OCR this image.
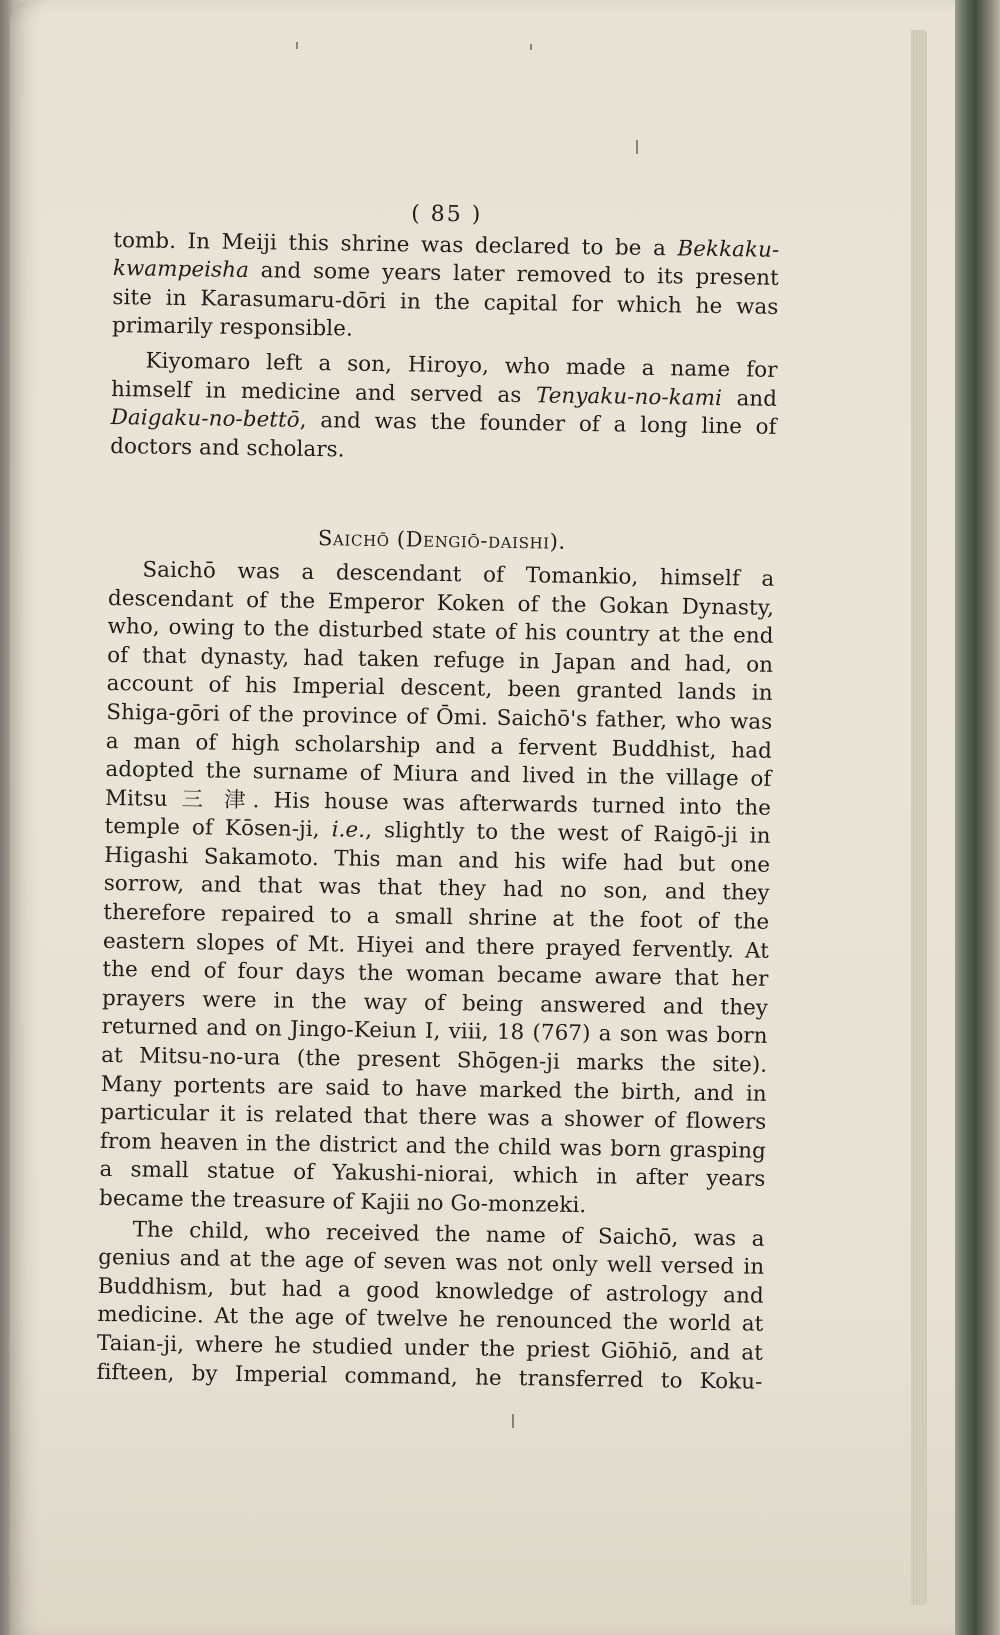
( 85 )

tomb. In Meiji this shrine was declared to be a Bekkaku-kwampeisha and some years later removed to its present site in Karasumaru-dōri in the capital for which he was primarily responsible.

Kiyomaro left a son, Hiroyo, who made a name for himself in medicine and served as Tenyaku-no-kami and Daigaku-no-bettō, and was the founder of a long line of doctors and scholars.

Saichō (Dengiō-daishi).

Saichō was a descendant of Tomankio, himself a descendant of the Emperor Koken of the Gokan Dynasty, who, owing to the disturbed state of his country at the end of that dynasty, had taken refuge in Japan and had, on account of his Imperial descent, been granted lands in Shiga-gōri of the province of Ōmi. Saichō's father, who was a man of high scholarship and a fervent Buddhist, had adopted the surname of Miura and lived in the village of Mitsu 三 津. His house was afterwards turned into the temple of Kōsen-ji, i.e., slightly to the west of Raigō-ji in Higashi Sakamoto. This man and his wife had but one sorrow, and that was that they had no son, and they therefore repaired to a small shrine at the foot of the eastern slopes of Mt. Hiyei and there prayed fervently. At the end of four days the woman became aware that her prayers were in the way of being answered and they returned and on Jingo-Keiun I, viii, 18 (767) a son was born at Mitsu-no-ura (the present Shōgen-ji marks the site). Many portents are said to have marked the birth, and in particular it is related that there was a shower of flowers from heaven in the district and the child was born grasping a small statue of Yakushi-niorai, which in after years became the treasure of Kajii no Go-monzeki.

The child, who received the name of Saichō, was a genius and at the age of seven was not only well versed in Buddhism, but had a good knowledge of astrology and medicine. At the age of twelve he renounced the world at Taian-ji, where he studied under the priest Giōhiō, and at fifteen, by Imperial command, he transferred to Koku-
